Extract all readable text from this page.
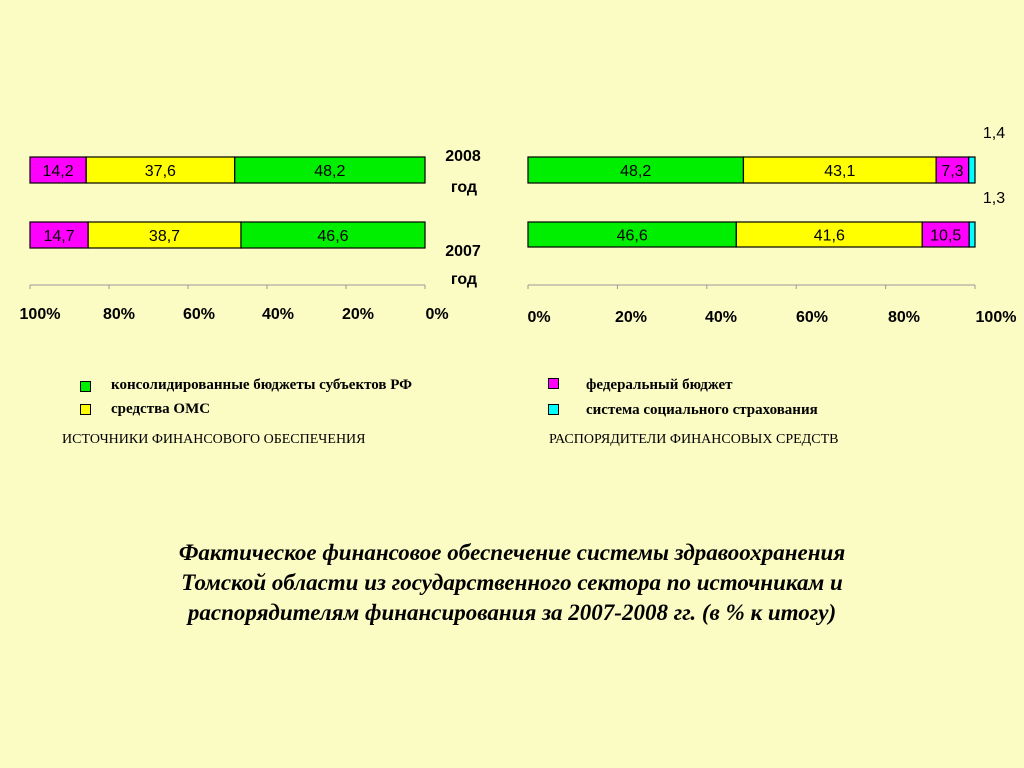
100%	80%	60%	40%	20%	0%
48,2
37,6
14,2
46,6
38,7
14,7
0%	20%	40%	60%	80%	100%
48,2	43,1	7,3
1,4
46,6	41,6	10,5
1,3
2008
год
2007
год
консолидированные бюджеты субъектов РФ	федеральный бюджет
средства ОМС	система социального страхования
ИСТОЧНИКИ ФИНАНСОВОГО ОБЕСПЕЧЕНИЯ	РАСПОРЯДИТЕЛИ ФИНАНСОВЫХ СРЕДСТВ
Фактическое финансовое обеспечение системы здравоохранения
Томской области из государственного сектора по источникам и
распорядителям финансирования за 2007-2008 гг. (в % к итогу)
